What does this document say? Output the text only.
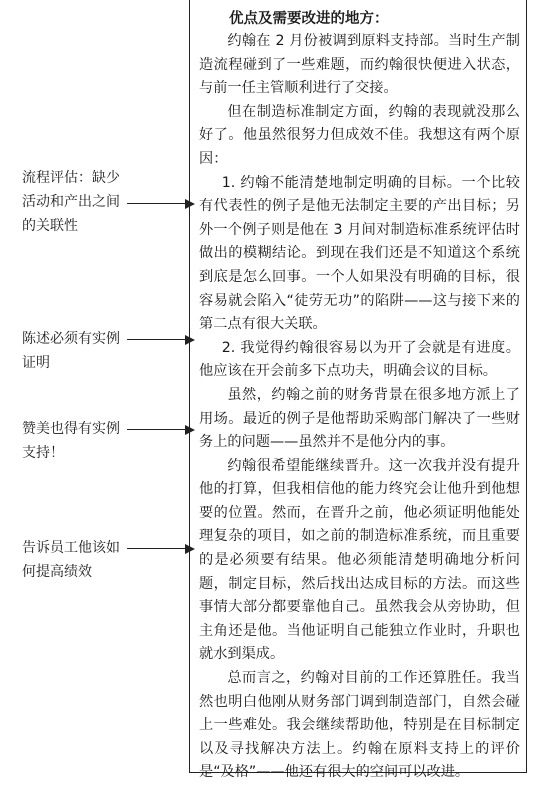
流程评估：缺少
活动和产出之间
的关联性
陈述必须有实例
证明
赞美也得有实例
支持！
告诉员工他该如
何提高绩效
优点及需要改进的地方：

约翰在 2 月份被调到原料支持部。当时生产制造流程碰到了一些难题，而约翰很快便进入状态，与前一任主管顺利进行了交接。

但在制造标准制定方面，约翰的表现就没那么好了。他虽然很努力但成效不佳。我想这有两个原因：

1. 约翰不能清楚地制定明确的目标。一个比较有代表性的例子是他无法制定主要的产出目标；另外一个例子则是他在 3 月间对制造标准系统评估时做出的模糊结论。到现在我们还是不知道这个系统到底是怎么回事。一个人如果没有明确的目标，很容易就会陷入“徒劳无功”的陷阱——这与接下来的第二点有很大关联。

2. 我觉得约翰很容易以为开了会就是有进度。他应该在开会前多下点功夫，明确会议的目标。

虽然，约翰之前的财务背景在很多地方派上了用场。最近的例子是他帮助采购部门解决了一些财务上的问题——虽然并不是他分内的事。

约翰很希望能继续晋升。这一次我并没有提升他的打算，但我相信他的能力终究会让他升到他想要的位置。然而，在晋升之前，他必须证明他能处理复杂的项目，如之前的制造标准系统，而且重要的是必须要有结果。他必须能清楚明确地分析问题，制定目标，然后找出达成目标的方法。而这些事情大部分都要靠他自己。虽然我会从旁协助，但主角还是他。当他证明自己能独立作业时，升职也就水到渠成。

总而言之，约翰对目前的工作还算胜任。我当然也明白他刚从财务部门调到制造部门，自然会碰上一些难处。我会继续帮助他，特别是在目标制定以及寻找解决方法上。约翰在原料支持上的评价是“及格”——他还有很大的空间可以改进。
